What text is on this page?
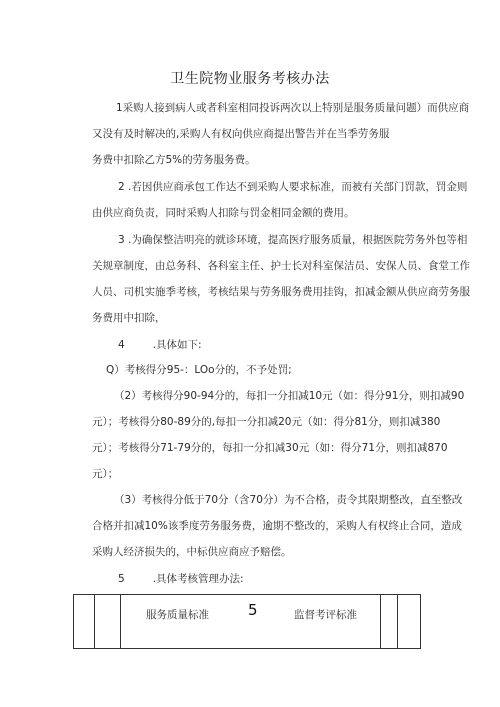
卫生院物业服务考核办法
1采购人接到病人或者科室相同投诉两次以上特别是服务质量问题）而供应商
又没有及时解决的,采购人有权向供应商提出警告并在当季劳务服
务费中扣除乙方5%的劳务服务费。
2 .若因供应商承包工作达不到采购人要求标准，而被有关部门罚款，罚金则
由供应商负责，同时采购人扣除与罚金相同金额的费用。
3 .为确保整洁明亮的就诊环境，提高医疗服务质量，根据医院劳务外包等相
关规章制度，由总务科、各科室主任、护士长对科室保洁员、安保人员、食堂工作
人员、司机实施季考核，考核结果与劳务服务费用挂钩，扣减金额从供应商劳务服
务费用中扣除，
4	.具体如下:
Q）考核得分95-：LOo分的，不予处罚;
（2）考核得分90-94分的，每扣一分扣减10元（如：得分91分，则扣减90
元）；考核得分80-89分的,每扣一分扣减20元（如：得分81分，则扣减380
元）；考核得分71-79分的，每扣一分扣减30元（如：得分71分，则扣减870
元）；
（3）考核得分低于70分（含70分）为不合格，责令其限期整改，直至整改
合格并扣减10%该季度劳务服务费，逾期不整改的，采购人有权终止合同，造成
采购人经济损失的，中标供应商应予赔偿。
5	.具体考核管理办法:
服务质量标准	5	监督考评标准
